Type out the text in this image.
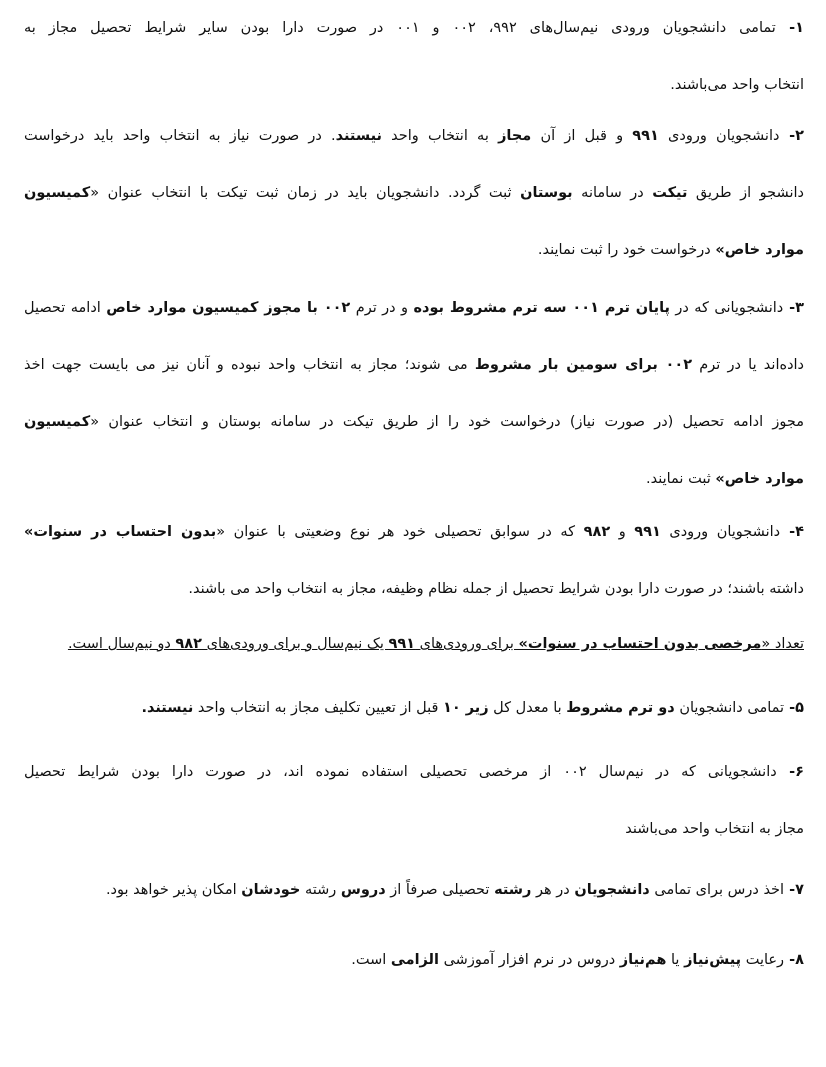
۱- تمامی دانشجویان ورودی نیم‌سال‌های ۹۹۲، ۰۰۲ و ۰۰۱ در صورت دارا بودن سایر شرایط تحصیل مجاز به
انتخاب واحد می‌باشند.
۲- دانشجویان ورودی ۹۹۱ و قبل از آن مجاز به انتخاب واحد نیستند. در صورت نیاز به انتخاب واحد باید درخواست
دانشجو از طریق تیکت در سامانه بوستان ثبت گردد. دانشجویان باید در زمان ثبت تیکت با انتخاب عنوان «کمیسیون
موارد خاص» درخواست خود را ثبت نمایند.
۳- دانشجویانی که در پایان ترم ۰۰۱ سه ترم مشروط بوده و در ترم ۰۰۲ با مجوز کمیسیون موارد خاص ادامه تحصیل
داده‌اند یا در ترم ۰۰۲ برای سومین بار مشروط می شوند؛ مجاز به انتخاب واحد نبوده و آنان نیز می بایست جهت اخذ
مجوز ادامه تحصیل (در صورت نیاز) درخواست خود را از طریق تیکت در سامانه بوستان و انتخاب عنوان «کمیسیون
موارد خاص» ثبت نمایند.
۴- دانشجویان ورودی ۹۹۱ و ۹۸۲ که در سوابق تحصیلی خود هر نوع وضعیتی با عنوان «بدون احتساب در سنوات»
داشته باشند؛ در صورت دارا بودن شرایط تحصیل از جمله نظام وظیفه، مجاز به انتخاب واحد می باشند.
تعداد «مرخصی بدون احتساب در سنوات» برای ورودی‌های ۹۹۱ یک نیم‌سال و برای ورودی‌های ۹۸۲ دو نیم‌سال است.
۵- تمامی دانشجویان دو ترم مشروط با معدل کل زیر ۱۰ قبل از تعیین تکلیف مجاز به انتخاب واحد نیستند.
۶- دانشجویانی که در نیم‌سال ۰۰۲ از مرخصی تحصیلی استفاده نموده اند، در صورت دارا بودن شرایط تحصیل
مجاز به انتخاب واحد می‌باشند
۷- اخذ درس برای تمامی دانشجویان در هر رشته تحصیلی صرفاً از دروس رشته خودشان امکان پذیر خواهد بود.
۸- رعایت پیش‌نیاز یا هم‌نیاز دروس در نرم افزار آموزشی الزامی است.
